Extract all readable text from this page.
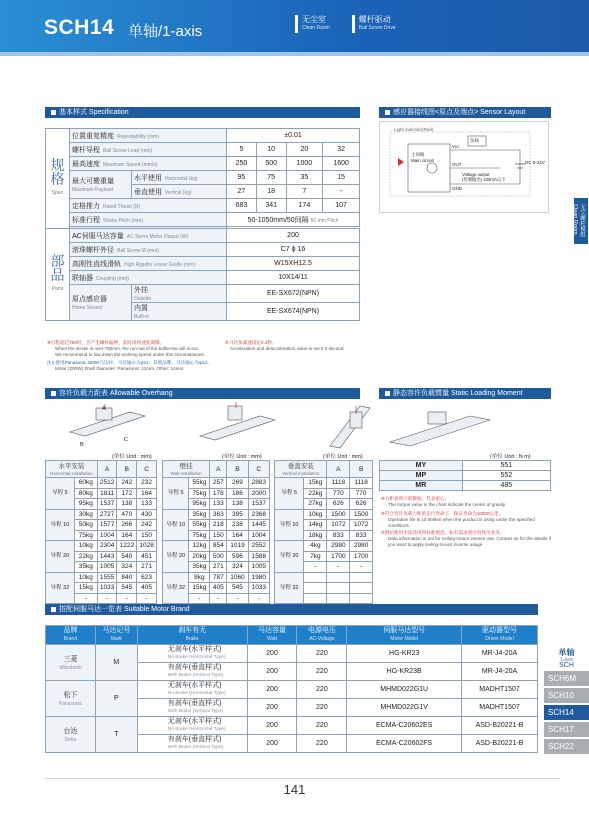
SCH14 单轴/1-axis
无尘室
Clean Room
螺杆驱动
Ball Screw Drive
基本样式 Specification
规格
Spec	位置重复精度 Repeatability (mm)		±0.01			
	螺杆导程 Ball Screw Lead (mm)		5	10	20	32
	最高速度 Maximum Speed (mm/s)		250	500	1000	1600
	最大可搬重量
Maximum Payload	水平使用 Horizontal (kg)	95	75	35	15
		垂直使用 Vertical (kg)	27	18	7	-
	定格推力 Rated Thrust (N)		683	341	174	107
	标准行程 Stroke Pitch (mm)		50-1050mm/50间隔 50 mm Pitch			

部品
Parts	AC伺服马达容量 AC Servo Motor Output (W)		200			
	滚珠螺杆外径 Ball Screw Ø (mm)		C7 ϕ 16			
	高刚性直线滑轨 High Rigidity Linear Guide (mm)		W15XH12.5			
	联轴器 Coupling (mm)		10X14/11			
	原点感应器
Home Sensor	外挂
Outside	EE-SX672(NPN)			
		内置
Built-in	EE-SX674(NPN)			
※行程超过750时，会产生螺杆偏摆，此时请将速度调降。
When the stroke is over 750mm, the run-out of the ballscrew will occur. We recommend to low down the working speed under this circumstances.
※马达加减速设定0.2秒。
Acceleration and deacceleration value is set 0.2 second.
注1 使用Panasonic 200W马达时，马达轴心为φ11；其他品牌，马达轴心为φ14。
Motor (200W) Shaft Diameter: Panasonic: 11mm, Other: 14mm.
感应器接线图<原点及端点> Sensor Layout
Light indicator(Red)
负载
主回路
Main circuit
OUT
Vcc
GND
Voltage output
(控制输出) 100mA以下
DC 5-24V
无尘螺杆模组 Clean Room Series
容许负载力距表 Allowable Overhang	静态容许负载惯量 Static Loading Moment
A
C
B
(单位 Unit : mm)	(单位 Unit : mm)	(单位 Unit : mm)	(单位 Unit : N m)
水平安装
Horizontal installation		A	B	C
导程 5	60kg	2512	242	232
	80kg	1811	172	164
	95kg	1537	138	133
导程 10	30kg	2727	470	430
	50kg	1577	266	242
	75kg	1004	164	150
导程 20	10kg	2304	1222	1028
	22kg	1443	540	451
	35kg	1005	324	271
导程 32	10kg	1555	840	623
	15kg	1033	545	405
	-	-	-	-
壁挂
Wall installation		A	B	C
导程 5	55kg	257	269	2883
	75kg	178	186	2000
	95kg	133	138	1537
导程 10	35kg	363	395	2368
	55kg	218	238	1445
	75kg	150	164	1004
导程 20	12kg	854	1019	2552
	20kg	500	596	1588
	35kg	271	324	1005
导程 32	8kg	787	1060	1980
	15kg	405	545	1033
	-	-	-	-
垂直安装
Vertical installation		A	B
导程 5	15kg	1118	1118
	22kg	770	770
	27kg	626	626
导程 10	10kg	1500	1500
	14kg	1072	1072
	18kg	833	833
导程 20	4kg	2980	2980
	7kg	1700	1700
	-	-	-
导程 32			

MY	551
MP	552
MR	485
※力距表所示的数据，代表重心。
The torque value in the chart indicate the center of gravity.
※符合容许负载力距的走行寿命下，保证寿命为10000公里。
Operation life is 10,000km when the product is using under the specified conditions.
※倒吊使用无法适用所标准规范，如有需求请洽询我司业务。
Data information is not for ceiling-mount inverse use. Contact us for the details if you want to apply ceiling-mount inverse usage.
搭配伺服马达一览表 Suitable Motor Brand
品牌
Brand	马达记号
Mark	刹车有无
Brake	马达容量
Watt	电源电压
AC-Voltage	伺服马达型号
Motor Model	驱动器型号
Driver Model

三菱
Mitsubishi	M	无刹车(水平样式)
No Brake (Horizontal Type)	200	220	HG-KR23	MR-J4-20A
		有刹车(垂直样式)
With Brake (Vertical Type)	200	220	HG-KR23B	MR-J4-20A
松下
Panasonic	P	无刹车(水平样式)
No Brake (Horizontal Type)	200	220	MHMD022G1U	MADHT1507
		有刹车(垂直样式)
With Brake (Vertical Type)	200	220	MHMD022G1V	MADHT1507
台达
Delta	T	无刹车(水平样式)
No Brake (Horizontal Type)	200	220	ECMA-C20602ES	ASD-B20221-B
		有刹车(垂直样式)
With Brake (Vertical Type)	200	220	ECMA-C20602FS	ASD-B20221-B
单轴
1-axis
SCH
SCH6M
SCH10
SCH14
SCH17
SCH22
141
